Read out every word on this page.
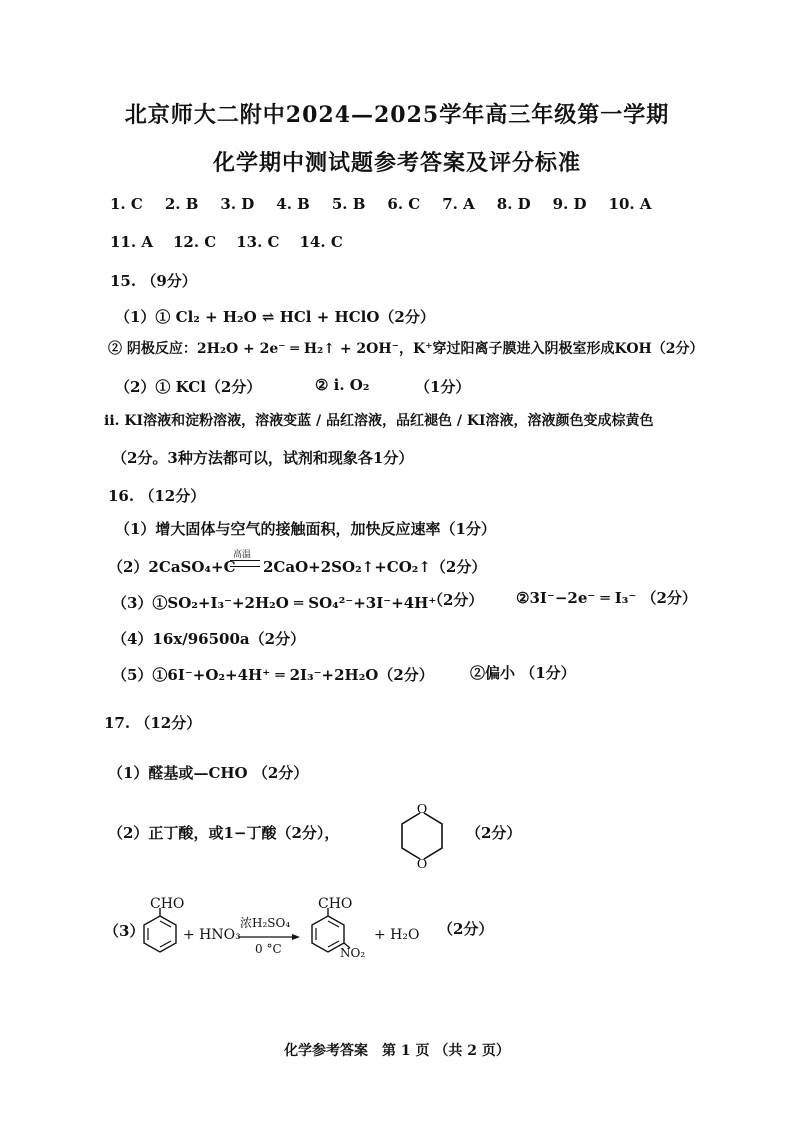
北京师大二附中2024—2025学年高三年级第一学期
化学期中测试题参考答案及评分标准
1. C 2. B 3. D 4. B 5. B 6. C 7. A 8. D 9. D 10. A
11. A 12. C 13. C 14. C
15. （9分）
（1）① Cl₂ + H₂O ⇌ HCl + HClO（2分）
② 阴极反应：2H₂O + 2e⁻ ═ H₂↑ + 2OH⁻，K⁺穿过阳离子膜进入阴极室形成KOH（2分）
（2）① KCl（2分）	② i. O₂	（1分）
ii. KI溶液和淀粉溶液，溶液变蓝 / 品红溶液，品红褪色 / KI溶液，溶液颜色变成棕黄色
（2分。3种方法都可以，试剂和现象各1分）
16. （12分）
（1）增大固体与空气的接触面积，加快反应速率（1分）
（2）2CaSO₄+C
高温
2CaO+2SO₂↑+CO₂↑（2分）
（3）①SO₂+I₃⁻+2H₂O ═ SO₄²⁻+3I⁻+4H⁺
（2分） ②3I⁻−2e⁻ ═ I₃⁻ （2分）
（4）16x/96500a（2分）
（5）①6I⁻+O₂+4H⁺ ═ 2I₃⁻+2H₂O（2分） ②偏小 （1分）
17. （12分）
（1）醛基或—CHO （2分）
（2）正丁酸，或1−丁酸（2分），	（2分）
O
O
（3）
CHO
+ HNO₃
浓H₂SO₄
0 °C
CHO
NO₂
+ H₂O （2分）
化学参考答案　第 1 页 （共 2 页）
